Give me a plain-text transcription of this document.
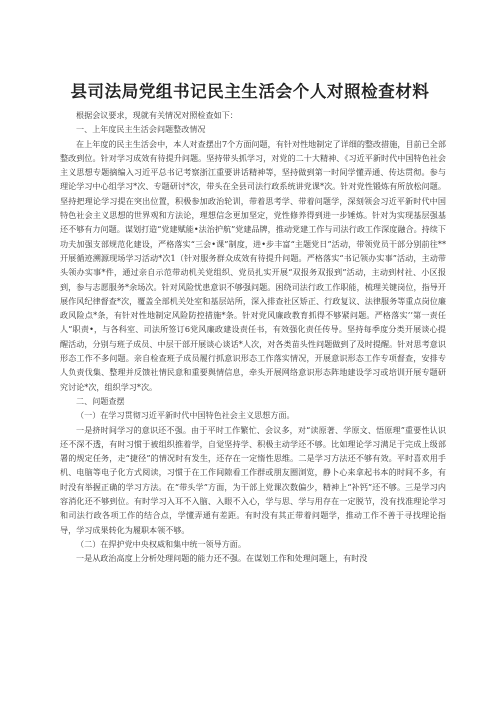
县司法局党组书记民主生活会个人对照检查材料

根据会议要求，现就有关情况对照检查如下：

一、上年度民主生活会问题整改情况

在上年度的民主生活会中，本人对查摆出7个方面问题，有针对性地制定了详细的整改措施，目前已全部整改到位。针对学习成效有待提升问题。坚持带头抓学习，对党的二十大精神、《习近平新时代中国特色社会主义思想专题摘编入习近平总书记考察浙江重要讲话精神等，坚持做到第一时间学懂弄通、传达贯彻。参与理论学习中心组学习*次、专题研讨*次，带头在全县司法行政系统讲党课*次。针对党性锻炼有所放松问题。坚持把理论学习提在突出位置，积极参加政治轮训，带着思考学、带着问题学，深刻领会习近平新时代中国特色社会主义思想的世界观和方法论，理想信念更加坚定，党性修养得到进一步锤炼。针对为实现基层强基还不够有力问题。谋划打造“党建赋能•法治护航”党建品牌，推动党建工作与司法行政工作深度融合。持续下功夫加强支部规范化建设，严格落实“三会•课”制度，进•步丰富“主题党日”活动，带领党员干部分别前往**开展循迹溯源现场学习活动*次1（针对服务群众成效有待提升问题。严格落实“书记领办实事”活动，主动带头领办实事*件，通过亲自示范带动机关党组织、党员扎实开展“双报务双报到”活动，主动到村社、小区报到，参与志愿服务*余场次。针对风险忧患意识不够强问题。困绕司法行政工作职能，梳理关键岗位，指导开展作风纪律督查*次，覆盖全部机关处室和基层站所，深入排查社区矫正、行政复议、法律服务等重点岗位廉政风险点*条，有针对性地制定风险防控措施*条。针对党风廉政教育抓得不够紧问题。严格落实’’第一责任人”职责•，与各科室、司法所签订6党风廉政建设责任书，有效强化责任传导。坚持每季度分类开展谈心提醒活动，分别与班子成员、中层干部开展谈心谈话*人次，对各类苗头性问题做到了及时提醒。针对思考意识形态工作不多问题。亲自检查班子成员履行抓意识形态工作落实情况，开展意识形态工作专项督查，安排专人负责伐集、整理并反馈社情民意和重要舆情信息，牵头开展网络意识形态阵地建设学习或培训开展专题研究讨论*次，组织学习*次。

二、问题查摆

（一）在学习贯彻习近平新时代中国特色社会主义思想方面。

一是挤时间学习的意识还不强。由于平时工作繁忙、会议多，对“读原著、学原文、悟原理”重要性认识还不深不透，有时习惯于被组织推着学，自觉坚持学、积极主动学还不够。比如理论学习满足于完成上级部署的规定任务，走“捷径”的情况时有发生，还存在一定惰性思维。二是学习方法还不够有效。平时喜欢用手机、电脑等电子化方式阅读，习惯于在工作间隙看工作群或朋友圈浏览，静卜心来拿起书本的时间不多，有时没有举握正确的学习方法。在“带头学”方面，为干部上党课次数偏少，精神上“补钙”还不够。三是学习内容消化还不够到位。有时学习入耳不入脑、入眼不入心，学与思、学与用存在一定脱节，没有找准理论学习和司法行政各项工作的结合点，学懂弄通有差距。有时没有其正带着问题学，推动工作不善于寻找理论指导，学习成果转化为履职本领不够。

（二）在捍护党中央权威和集中统一领导方面。

一是从政治高度上分析处理问题的能力还不强。在谋划工作和处理问题上，有时没
